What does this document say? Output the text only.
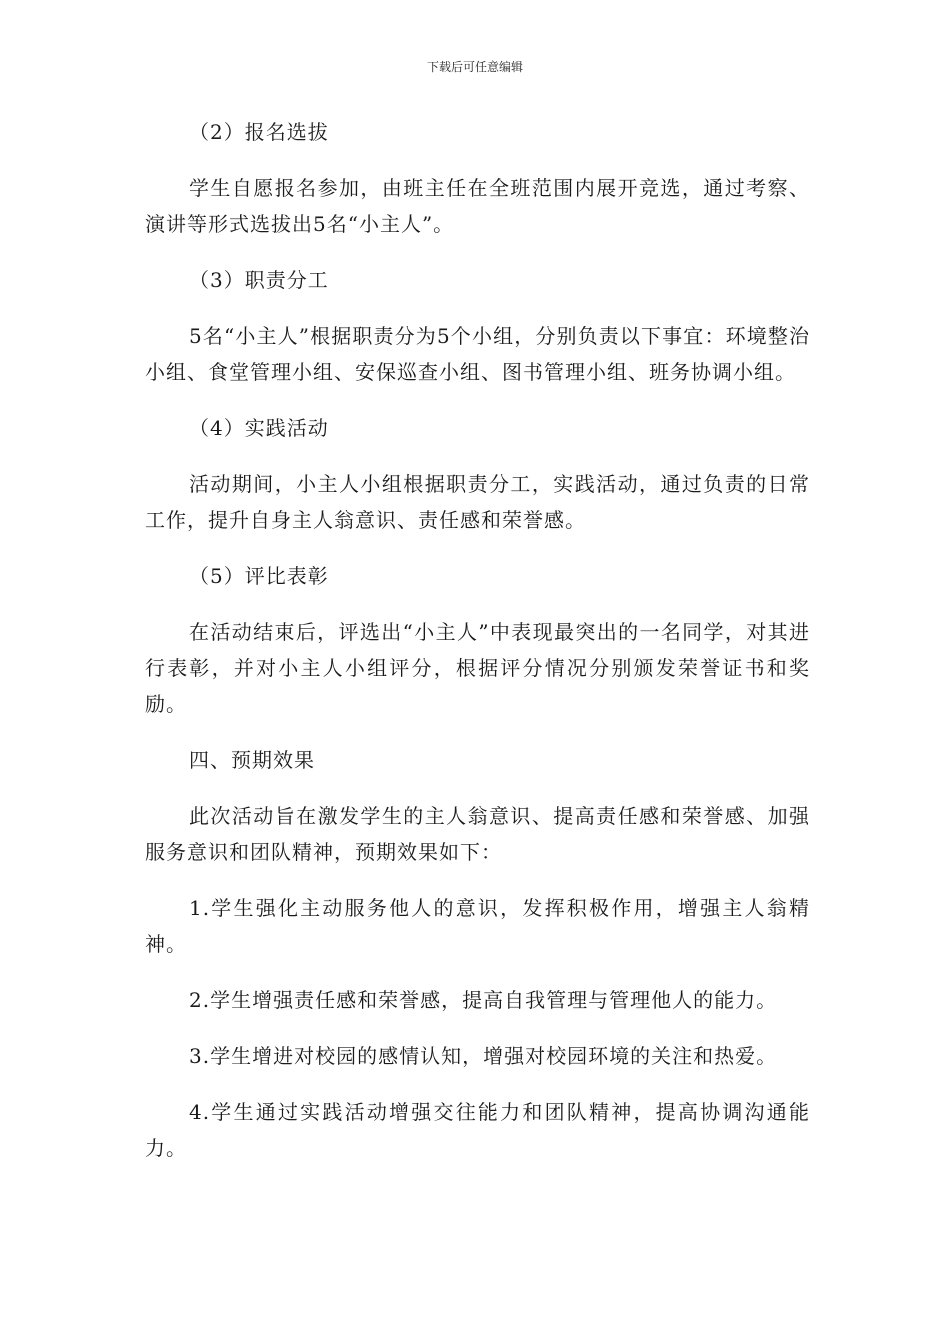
下载后可任意编辑
（2）报名选拔
学生自愿报名参加，由班主任在全班范围内展开竞选，通过考察、演讲等形式选拔出5名“小主人”。
（3）职责分工
5名“小主人”根据职责分为5个小组，分别负责以下事宜：环境整治小组、食堂管理小组、安保巡查小组、图书管理小组、班务协调小组。
（4）实践活动
活动期间，小主人小组根据职责分工，实践活动，通过负责的日常工作，提升自身主人翁意识、责任感和荣誉感。
（5）评比表彰
在活动结束后，评选出“小主人”中表现最突出的一名同学，对其进行表彰，并对小主人小组评分，根据评分情况分别颁发荣誉证书和奖励。
四、预期效果
此次活动旨在激发学生的主人翁意识、提高责任感和荣誉感、加强服务意识和团队精神，预期效果如下：
1.学生强化主动服务他人的意识，发挥积极作用，增强主人翁精神。
2.学生增强责任感和荣誉感，提高自我管理与管理他人的能力。
3.学生增进对校园的感情认知，增强对校园环境的关注和热爱。
4.学生通过实践活动增强交往能力和团队精神，提高协调沟通能力。
